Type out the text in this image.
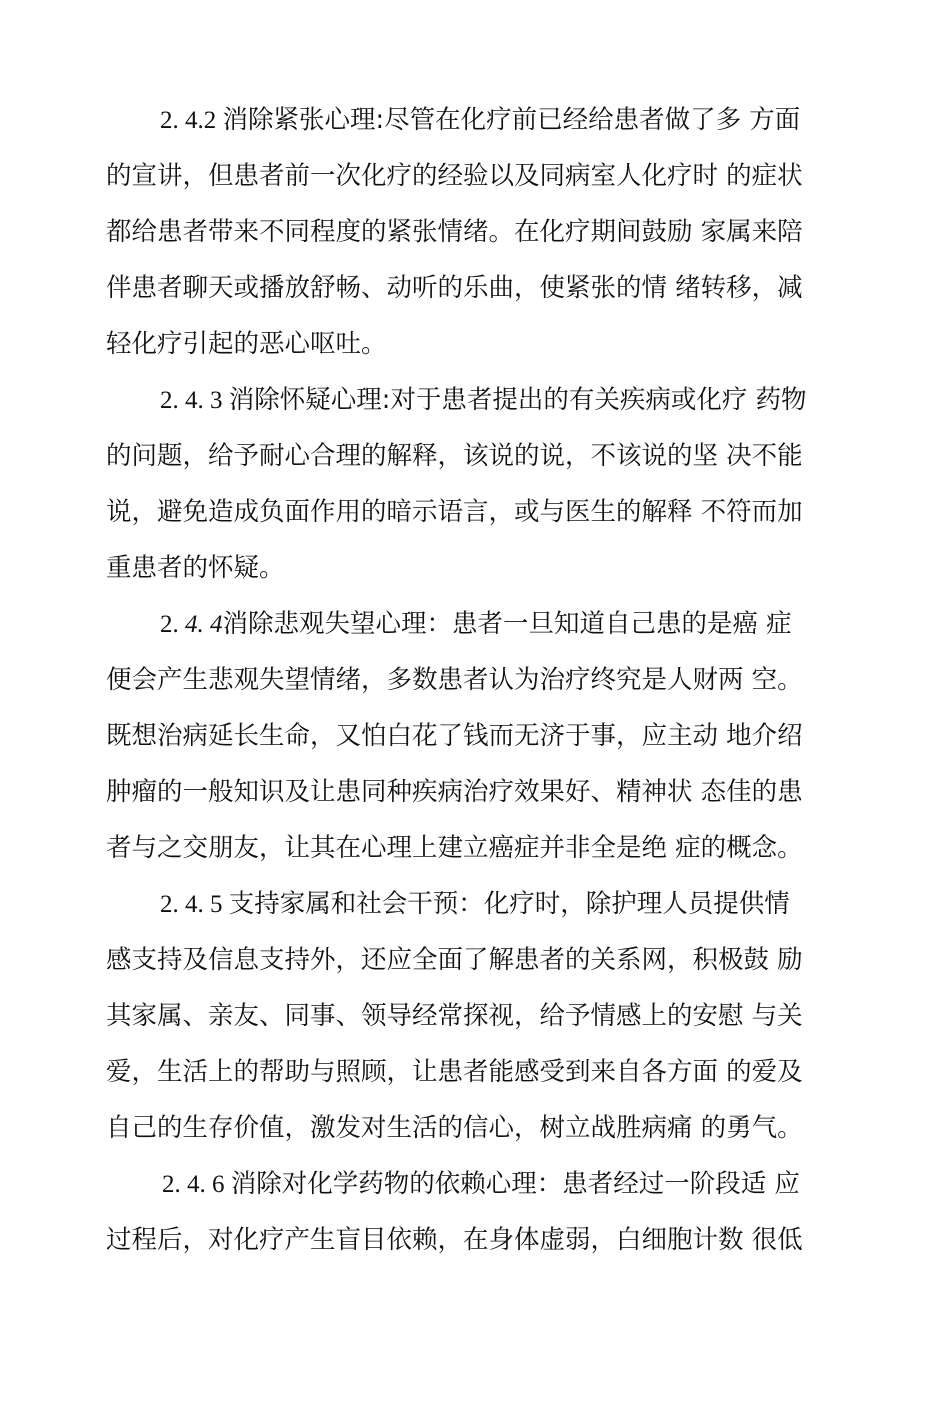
2. 4.2 消除紧张心理:尽管在化疗前已经给患者做了多 方面
的宣讲，但患者前一次化疗的经验以及同病室人化疗时 的症状
都给患者带来不同程度的紧张情绪。在化疗期间鼓励 家属来陪
伴患者聊天或播放舒畅、动听的乐曲，使紧张的情 绪转移，减
轻化疗引起的恶心呕吐。
2. 4. 3 消除怀疑心理:对于患者提出的有关疾病或化疗 药物
的问题，给予耐心合理的解释，该说的说，不该说的坚 决不能
说，避免造成负面作用的暗示语言，或与医生的解释 不符而加
重患者的怀疑。
2. 4. 4消除悲观失望心理：患者一旦知道自己患的是癌 症
便会产生悲观失望情绪，多数患者认为治疗终究是人财两 空。
既想治病延长生命，又怕白花了钱而无济于事，应主动 地介绍
肿瘤的一般知识及让患同种疾病治疗效果好、精神状 态佳的患
者与之交朋友，让其在心理上建立癌症并非全是绝 症的概念。
2. 4. 5 支持家属和社会干预：化疗时，除护理人员提供情
感支持及信息支持外，还应全面了解患者的关系网，积极鼓 励
其家属、亲友、同事、领导经常探视，给予情感上的安慰 与关
爱，生活上的帮助与照顾，让患者能感受到来自各方面 的爱及
自己的生存价值，激发对生活的信心，树立战胜病痛 的勇气。
2. 4. 6 消除对化学药物的依赖心理：患者经过一阶段适 应
过程后，对化疗产生盲目依赖，在身体虚弱，白细胞计数 很低
